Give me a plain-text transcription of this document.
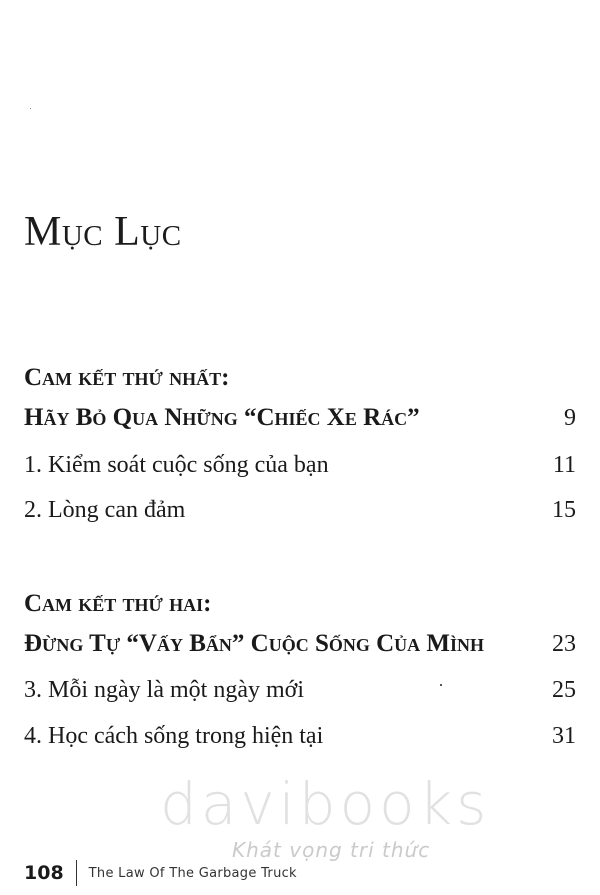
Mục Lục
Cam kết thứ nhất:
Hãy Bỏ Qua Những “Chiếc Xe Rác”	9
1. Kiểm soát cuộc sống của bạn	11
2. Lòng can đảm	15
Cam kết thứ hai:
Đừng Tự “Vấy Bẩn” Cuộc Sống Của Mình	23
3. Mỗi ngày là một ngày mới	25
4. Học cách sống trong hiện tại	31
davibooks
Khát vọng tri thức
108	The Law Of The Garbage Truck
